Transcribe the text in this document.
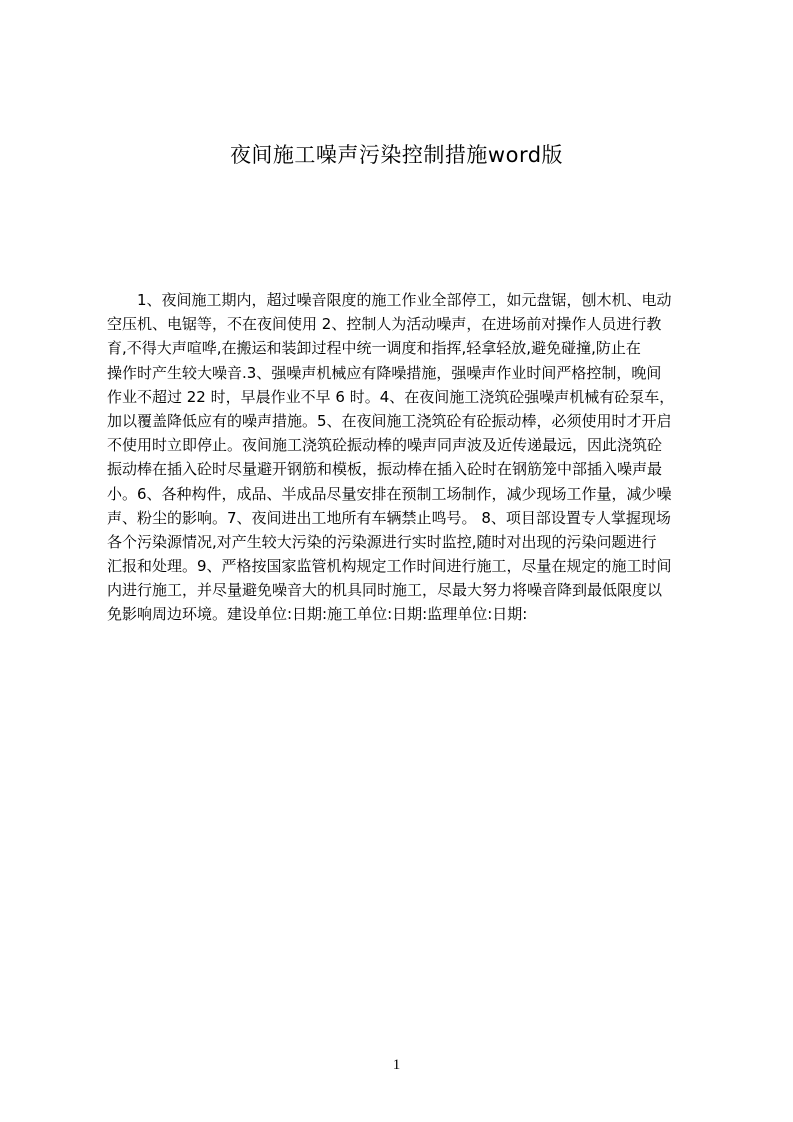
夜间施工噪声污染控制措施word版
1、夜间施工期内，超过噪音限度的施工作业全部停工，如元盘锯，刨木机、电动
空压机、电锯等，不在夜间使用 2、控制人为活动噪声，在进场前对操作人员进行教
育,不得大声喧哗,在搬运和装卸过程中统一调度和指挥,轻拿轻放,避免碰撞,防止在
操作时产生较大噪音.3、强噪声机械应有降噪措施，强噪声作业时间严格控制，晚间
作业不超过 22 时，早晨作业不早 6 时。4、在夜间施工浇筑砼强噪声机械有砼泵车，
加以覆盖降低应有的噪声措施。5、在夜间施工浇筑砼有砼振动棒，必须使用时才开启
不使用时立即停止。夜间施工浇筑砼振动棒的噪声同声波及近传递最远，因此浇筑砼
振动棒在插入砼时尽量避开钢筋和模板，振动棒在插入砼时在钢筋笼中部插入噪声最
小。6、各种构件，成品、半成品尽量安排在预制工场制作，减少现场工作量，减少噪
声、粉尘的影响。7、夜间进出工地所有车辆禁止鸣号。 8、项目部设置专人掌握现场
各个污染源情况,对产生较大污染的污染源进行实时监控,随时对出现的污染问题进行
汇报和处理。9、严格按国家监管机构规定工作时间进行施工，尽量在规定的施工时间
内进行施工，并尽量避免噪音大的机具同时施工，尽最大努力将噪音降到最低限度以
免影响周边环境。建设单位:日期:施工单位:日期:监理单位:日期:
1
